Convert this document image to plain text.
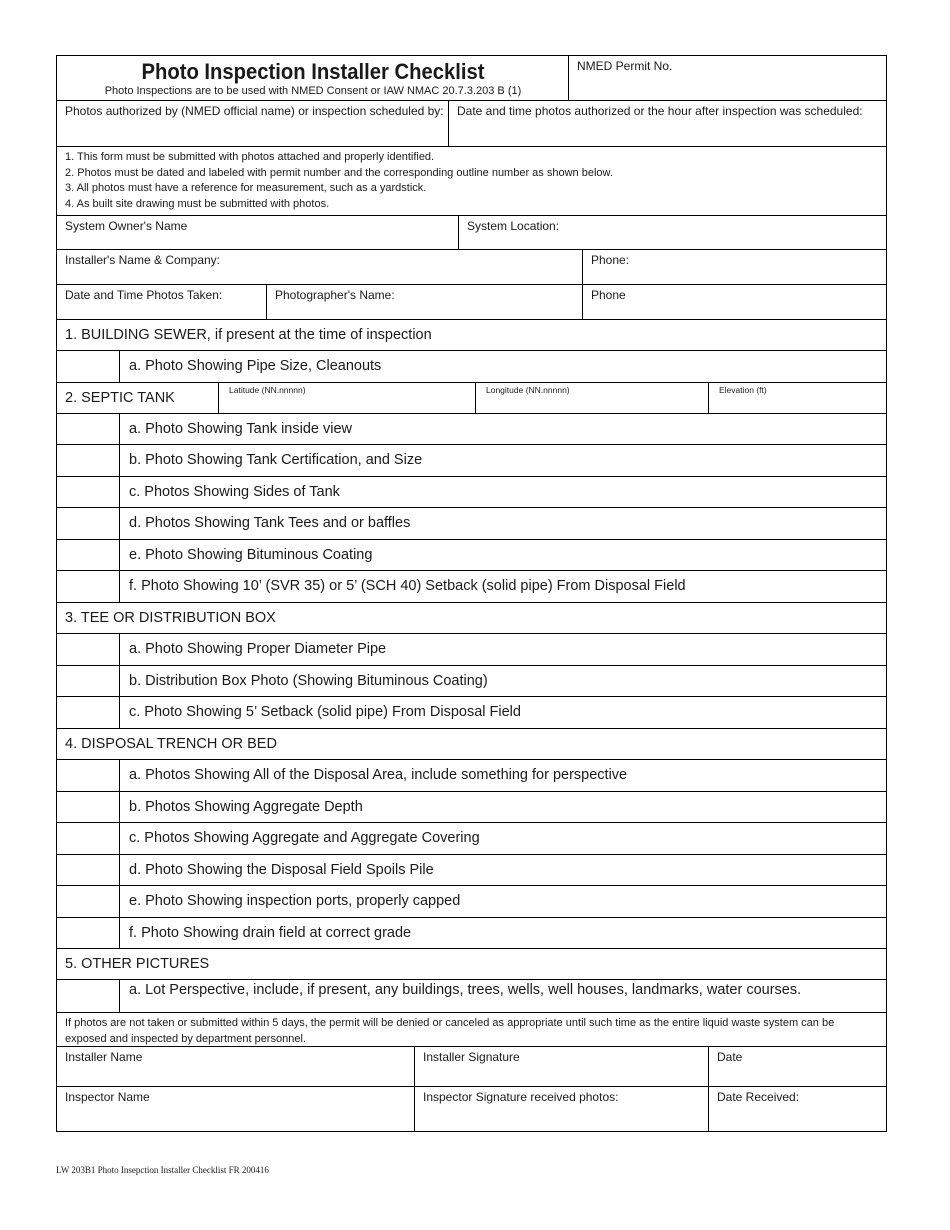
Photo Inspection Installer Checklist
Photo Inspections are to be used with NMED Consent or IAW NMAC 20.7.3.203 B (1)
NMED Permit No.
Photos authorized by (NMED official name) or inspection scheduled by: Date and time photos authorized or the hour after inspection was scheduled:
1. This form must be submitted with photos attached and properly identified.
2. Photos must be dated and labeled with permit number and the corresponding outline number as shown below.
3. All photos must have a reference for measurement, such as a yardstick.
4. As built site drawing must be submitted with photos.
System Owner's Name	System Location:
Installer's Name & Company:	Phone:
Date and Time Photos Taken:	Photographer's Name:	Phone
1. BUILDING SEWER, if present at the time of inspection
a. Photo Showing Pipe Size, Cleanouts
2. SEPTIC TANK	Latitude (NN.nnnnn)	Longitude (NN.nnnnn)	Elevation (ft)
a. Photo Showing Tank inside view
b. Photo Showing Tank Certification, and Size
c. Photos Showing Sides of Tank
d. Photos Showing Tank Tees and or baffles
e. Photo Showing Bituminous Coating
f. Photo Showing 10’ (SVR 35) or 5’ (SCH 40) Setback (solid pipe) From Disposal Field
3. TEE OR DISTRIBUTION BOX
a. Photo Showing Proper Diameter Pipe
b. Distribution Box Photo (Showing Bituminous Coating)
c. Photo Showing 5’ Setback (solid pipe) From Disposal Field
4. DISPOSAL TRENCH OR BED
a. Photos Showing All of the Disposal Area, include something for perspective
b. Photos Showing Aggregate Depth
c. Photos Showing Aggregate and Aggregate Covering
d. Photo Showing the Disposal Field Spoils Pile
e. Photo Showing inspection ports, properly capped
f. Photo Showing drain field at correct grade
5. OTHER PICTURES
a. Lot Perspective, include, if present, any buildings, trees, wells, well houses, landmarks, water courses.
If photos are not taken or submitted within 5 days, the permit will be denied or canceled as appropriate until such time as the entire liquid waste system can be exposed and inspected by department personnel.
Installer Name	Installer Signature	Date
Inspector Name	Inspector Signature received photos:	Date Received:
LW 203B1 Photo Insepction Installer Checklist FR 200416
